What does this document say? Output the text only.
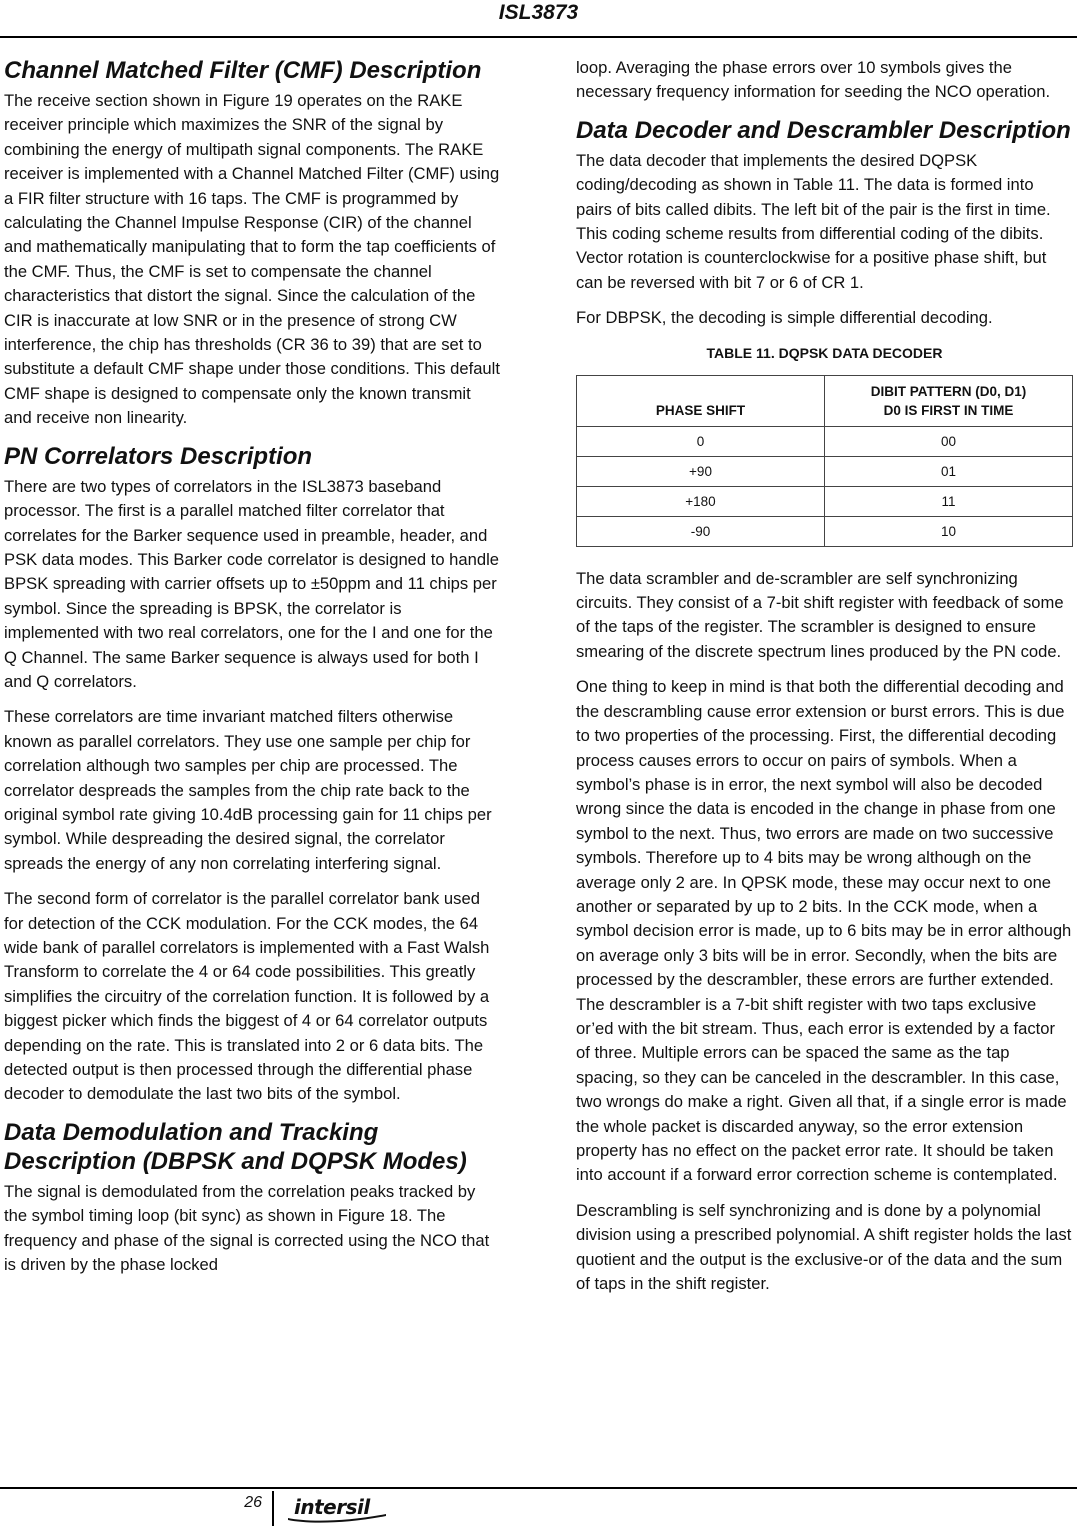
ISL3873
Channel Matched Filter (CMF) Description

The receive section shown in Figure 19 operates on the RAKE receiver principle which maximizes the SNR of the signal by combining the energy of multipath signal components. The RAKE receiver is implemented with a Channel Matched Filter (CMF) using a FIR filter structure with 16 taps. The CMF is programmed by calculating the Channel Impulse Response (CIR) of the channel and mathematically manipulating that to form the tap coefficients of the CMF. Thus, the CMF is set to compensate the channel characteristics that distort the signal. Since the calculation of the CIR is inaccurate at low SNR or in the presence of strong CW interference, the chip has thresholds (CR 36 to 39) that are set to substitute a default CMF shape under those conditions. This default CMF shape is designed to compensate only the known transmit and receive non linearity.

PN Correlators Description

There are two types of correlators in the ISL3873 baseband processor. The first is a parallel matched filter correlator that correlates for the Barker sequence used in preamble, header, and PSK data modes. This Barker code correlator is designed to handle BPSK spreading with carrier offsets up to ±50ppm and 11 chips per symbol. Since the spreading is BPSK, the correlator is implemented with two real correlators, one for the I and one for the Q Channel. The same Barker sequence is always used for both I and Q correlators.

These correlators are time invariant matched filters otherwise known as parallel correlators. They use one sample per chip for correlation although two samples per chip are processed. The correlator despreads the samples from the chip rate back to the original symbol rate giving 10.4dB processing gain for 11 chips per symbol. While despreading the desired signal, the correlator spreads the energy of any non correlating interfering signal.

The second form of correlator is the parallel correlator bank used for detection of the CCK modulation. For the CCK modes, the 64 wide bank of parallel correlators is implemented with a Fast Walsh Transform to correlate the 4 or 64 code possibilities. This greatly simplifies the circuitry of the correlation function. It is followed by a biggest picker which finds the biggest of 4 or 64 correlator outputs depending on the rate. This is translated into 2 or 6 data bits. The detected output is then processed through the differential phase decoder to demodulate the last two bits of the symbol.

Data Demodulation and Tracking Description (DBPSK and DQPSK Modes)

The signal is demodulated from the correlation peaks tracked by the symbol timing loop (bit sync) as shown in Figure 18. The frequency and phase of the signal is corrected using the NCO that is driven by the phase locked

loop. Averaging the phase errors over 10 symbols gives the necessary frequency information for seeding the NCO operation.

Data Decoder and Descrambler Description

The data decoder that implements the desired DQPSK coding/decoding as shown in Table 11. The data is formed into pairs of bits called dibits. The left bit of the pair is the first in time. This coding scheme results from differential coding of the dibits. Vector rotation is counterclockwise for a positive phase shift, but can be reversed with bit 7 or 6 of CR 1.

For DBPSK, the decoding is simple differential decoding.

TABLE 11. DQPSK DATA DECODER
PHASE SHIFT	DIBIT PATTERN (D0, D1)
D0 IS FIRST IN TIME
0	00
+90	01
+180	11
-90	10

The data scrambler and de-scrambler are self synchronizing circuits. They consist of a 7-bit shift register with feedback of some of the taps of the register. The scrambler is designed to ensure smearing of the discrete spectrum lines produced by the PN code.

One thing to keep in mind is that both the differential decoding and the descrambling cause error extension or burst errors. This is due to two properties of the processing. First, the differential decoding process causes errors to occur on pairs of symbols. When a symbol’s phase is in error, the next symbol will also be decoded wrong since the data is encoded in the change in phase from one symbol to the next. Thus, two errors are made on two successive symbols. Therefore up to 4 bits may be wrong although on the average only 2 are. In QPSK mode, these may occur next to one another or separated by up to 2 bits. In the CCK mode, when a symbol decision error is made, up to 6 bits may be in error although on average only 3 bits will be in error. Secondly, when the bits are processed by the descrambler, these errors are further extended. The descrambler is a 7-bit shift register with two taps exclusive or’ed with the bit stream. Thus, each error is extended by a factor of three. Multiple errors can be spaced the same as the tap spacing, so they can be canceled in the descrambler. In this case, two wrongs do make a right. Given all that, if a single error is made the whole packet is discarded anyway, so the error extension property has no effect on the packet error rate. It should be taken into account if a forward error correction scheme is contemplated.

Descrambling is self synchronizing and is done by a polynomial division using a prescribed polynomial. A shift register holds the last quotient and the output is the exclusive-or of the data and the sum of taps in the shift register.

26 intersil
